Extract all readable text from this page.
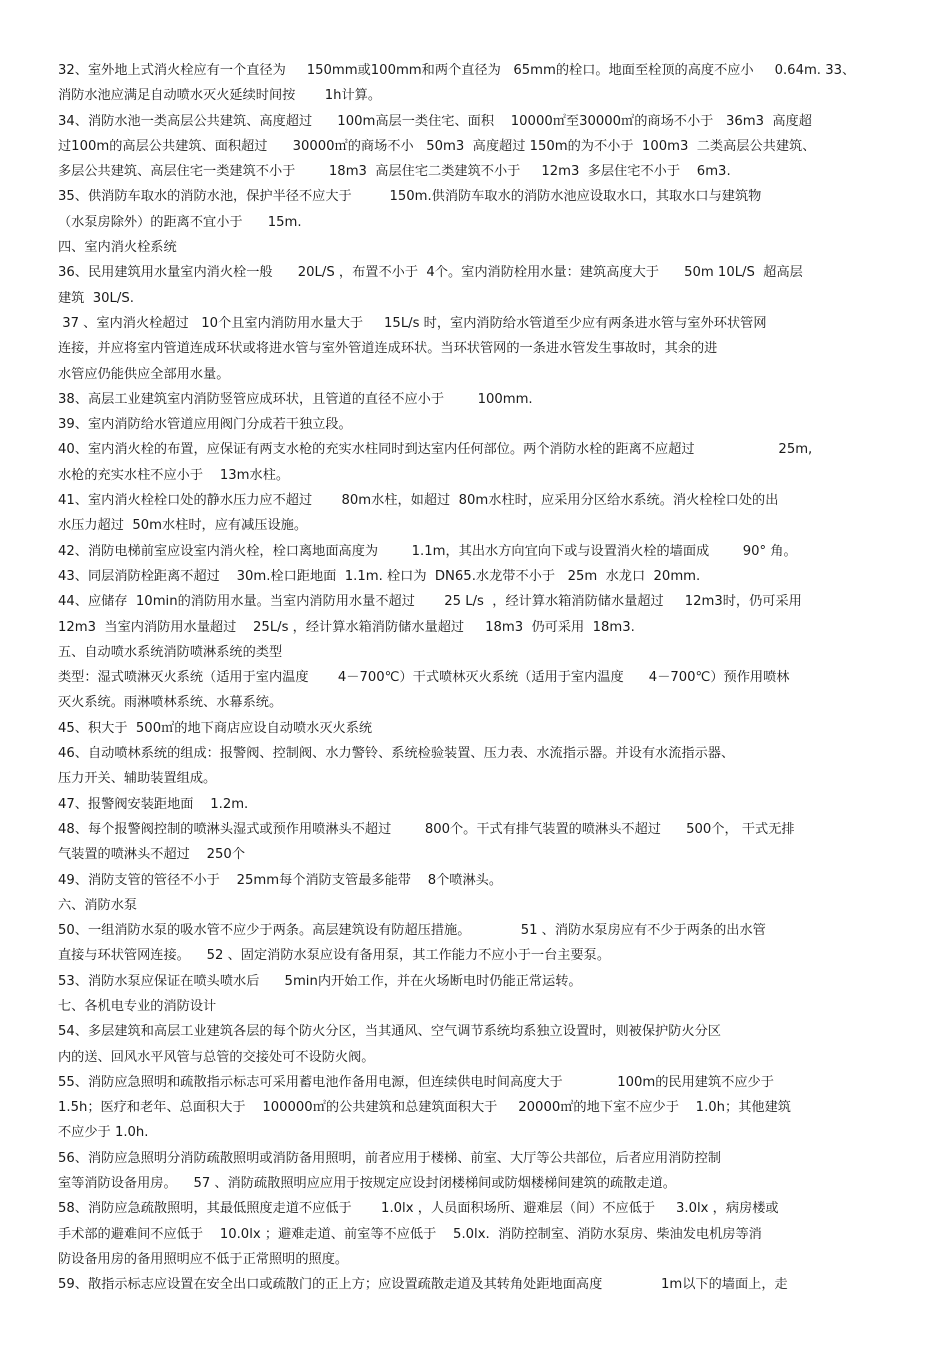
32、室外地上式消火栓应有一个直径为     150mm或100mm和两个直径为   65mm的栓口。地面至栓顶的高度不应小     0.64m. 33、
消防水池应满足自动喷水灭火延续时间按       1h计算。
34、消防水池一类高层公共建筑、高度超过      100m高层一类住宅、面积    10000㎡至30000㎡的商场不小于   36m3  高度超
过100m的高层公共建筑、面积超过      30000㎡的商场不小   50m3  高度超过 150m的为不小于  100m3  二类高层公共建筑、
多层公共建筑、高层住宅一类建筑不小于        18m3  高层住宅二类建筑不小于     12m3  多层住宅不小于    6m3.
35、供消防车取水的消防水池，保护半径不应大于         150m.供消防车取水的消防水池应设取水口，其取水口与建筑物
（水泵房除外）的距离不宜小于      15m.
四、室内消火栓系统
36、民用建筑用水量室内消火栓一般      20L/S ，布置不小于  4个。室内消防栓用水量：建筑高度大于      50m 10L/S  超高层
建筑  30L/S.
37 、室内消火栓超过   10个且室内消防用水量大于     15L/s 时，室内消防给水管道至少应有两条进水管与室外环状管网
连接，并应将室内管道连成环状或将进水管与室外管道连成环状。当环状管网的一条进水管发生事故时，其余的进
水管应仍能供应全部用水量。
38、高层工业建筑室内消防竖管应成环状，且管道的直径不应小于        100mm.
39、室内消防给水管道应用阀门分成若干独立段。
40、室内消火栓的布置，应保证有两支水枪的充实水柱同时到达室内任何部位。两个消防水栓的距离不应超过                    25m,
水枪的充实水柱不应小于    13m水柱。
41、室内消火栓栓口处的静水压力应不超过       80m水柱，如超过  80m水柱时，应采用分区给水系统。消火栓栓口处的出
水压力超过  50m水柱时，应有减压设施。
42、消防电梯前室应设室内消火栓，栓口离地面高度为        1.1m，其出水方向宜向下或与设置消火栓的墙面成        90° 角。
43、同层消防栓距离不超过    30m.栓口距地面  1.1m. 栓口为  DN65.水龙带不小于   25m  水龙口  20mm.
44、应储存  10min的消防用水量。当室内消防用水量不超过       25 L/s  ，经计算水箱消防储水量超过     12m3时，仍可采用
12m3  当室内消防用水量超过    25L/s ，经计算水箱消防储水量超过     18m3  仍可采用  18m3.
五、自动喷水系统消防喷淋系统的类型
类型：湿式喷淋灭火系统（适用于室内温度       4－700℃）干式喷林灭火系统（适用于室内温度      4－700℃）预作用喷林
灭火系统。雨淋喷林系统、水幕系统。
45、积大于  500㎡的地下商店应设自动喷水灭火系统
46、自动喷林系统的组成：报警阀、控制阀、水力警铃、系统检验装置、压力表、水流指示器。并设有水流指示器、
压力开关、辅助装置组成。
47、报警阀安装距地面    1.2m.
48、每个报警阀控制的喷淋头湿式或预作用喷淋头不超过        800个。干式有排气装置的喷淋头不超过      500个， 干式无排
气装置的喷淋头不超过    250个
49、消防支管的管径不小于    25mm每个消防支管最多能带    8个喷淋头。
六、消防水泵
50、一组消防水泵的吸水管不应少于两条。高层建筑设有防超压措施。            51 、消防水泵房应有不少于两条的出水管
直接与环状管网连接。    52 、固定消防水泵应设有备用泵，其工作能力不应小于一台主要泵。
53、消防水泵应保证在喷头喷水后      5min内开始工作，并在火场断电时仍能正常运转。
七、各机电专业的消防设计
54、多层建筑和高层工业建筑各层的每个防火分区，当其通风、空气调节系统均系独立设置时，则被保护防火分区
内的送、回风水平风管与总管的交接处可不设防火阀。
55、消防应急照明和疏散指示标志可采用蓄电池作备用电源，但连续供电时间高度大于             100m的民用建筑不应少于
1.5h；医疗和老年、总面积大于    100000㎡的公共建筑和总建筑面积大于     20000㎡的地下室不应少于    1.0h；其他建筑
不应少于 1.0h.
56、消防应急照明分消防疏散照明或消防备用照明，前者应用于楼梯、前室、大厅等公共部位，后者应用消防控制
室等消防设备用房。    57 、消防疏散照明应应用于按规定应设封闭楼梯间或防烟楼梯间建筑的疏散走道。
58、消防应急疏散照明，其最低照度走道不应低于       1.0lx ，人员面积场所、避难层（间）不应低于     3.0lx ，病房楼或
手术部的避难间不应低于    10.0lx ；避难走道、前室等不应低于    5.0lx.  消防控制室、消防水泵房、柴油发电机房等消
防设备用房的备用照明应不低于正常照明的照度。
59、散指示标志应设置在安全出口或疏散门的正上方；应设置疏散走道及其转角处距地面高度              1m以下的墙面上，走
